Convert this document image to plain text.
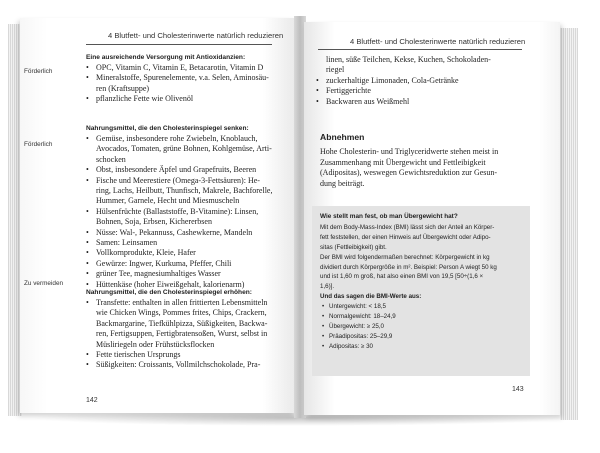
4 Blutfett- und Cholesterinwerte natürlich reduzieren
Förderlich
Eine ausreichende Versorgung mit Antioxidanzien:
• OPC, Vitamin C, Vitamin E, Betacarotin, Vitamin D
• Mineralstoffe, Spurenelemente, v.a. Selen, Aminosäu-
ren (Kraftsuppe)
• pflanzliche Fette wie Olivenöl
Förderlich
Nahrungsmittel, die den Cholesterinspiegel senken:
• Gemüse, insbesondere rohe Zwiebeln, Knoblauch,
Avocados, Tomaten, grüne Bohnen, Kohlgemüse, Arti-
schocken
• Obst, insbesondere Äpfel und Grapefruits, Beeren
• Fische und Meerestiere (Omega-3-Fettsäuren): He-
ring, Lachs, Heilbutt, Thunfisch, Makrele, Bachforelle,
Hummer, Garnele, Hecht und Miesmuscheln
• Hülsenfrüchte (Ballaststoffe, B-Vitamine): Linsen,
Bohnen, Soja, Erbsen, Kichererbsen
• Nüsse: Wal-, Pekannuss, Cashewkerne, Mandeln
• Samen: Leinsamen
• Vollkornprodukte, Kleie, Hafer
• Gewürze: Ingwer, Kurkuma, Pfeffer, Chili
• grüner Tee, magnesiumhaltiges Wasser
• Hüttenkäse (hoher Eiweißgehalt, kalorienarm)
Zu vermeiden
Nahrungsmittel, die den Cholesterinspiegel erhöhen:
• Transfette: enthalten in allen frittierten Lebensmitteln
wie Chicken Wings, Pommes frites, Chips, Crackern,
Backmargarine, Tiefkühlpizza, Süßigkeiten, Backwa-
ren, Fertigsuppen, Fertigbratensoßen, Wurst, selbst in
Müsliriegeln oder Frühstücksflocken
• Fette tierischen Ursprungs
• Süßigkeiten: Croissants, Vollmilchschokolade, Pra-
142
4 Blutfett- und Cholesterinwerte natürlich reduzieren
linen, süße Teilchen, Kekse, Kuchen, Schokoladen-
riegel
• zuckerhaltige Limonaden, Cola-Getränke
• Fertiggerichte
• Backwaren aus Weißmehl
Abnehmen
Hohe Cholesterin- und Triglyceridwerte stehen meist in
Zusammenhang mit Übergewicht und Fettleibigkeit
(Adipositas), weswegen Gewichtsreduktion zur Gesun-
dung beiträgt.
Wie stellt man fest, ob man Übergewicht hat?
Mit dem Body-Mass-Index (BMI) lässt sich der Anteil an Körper-
fett feststellen, der einen Hinweis auf Übergewicht oder Adipo-
sitas (Fettleibigkeit) gibt.
Der BMI wird folgendermaßen berechnet: Körpergewicht in kg
dividiert durch Körpergröße in m². Beispiel: Person A wiegt 50 kg
und ist 1,60 m groß, hat also einen BMI von 19,5 [50÷(1,6 ×
1,6)].
Und das sagen die BMI-Werte aus:
• Untergewicht: < 18,5
• Normalgewicht: 18–24,9
• Übergewicht: ≥ 25,0
• Präadipositas: 25–29,9
• Adipositas: ≥ 30
143
